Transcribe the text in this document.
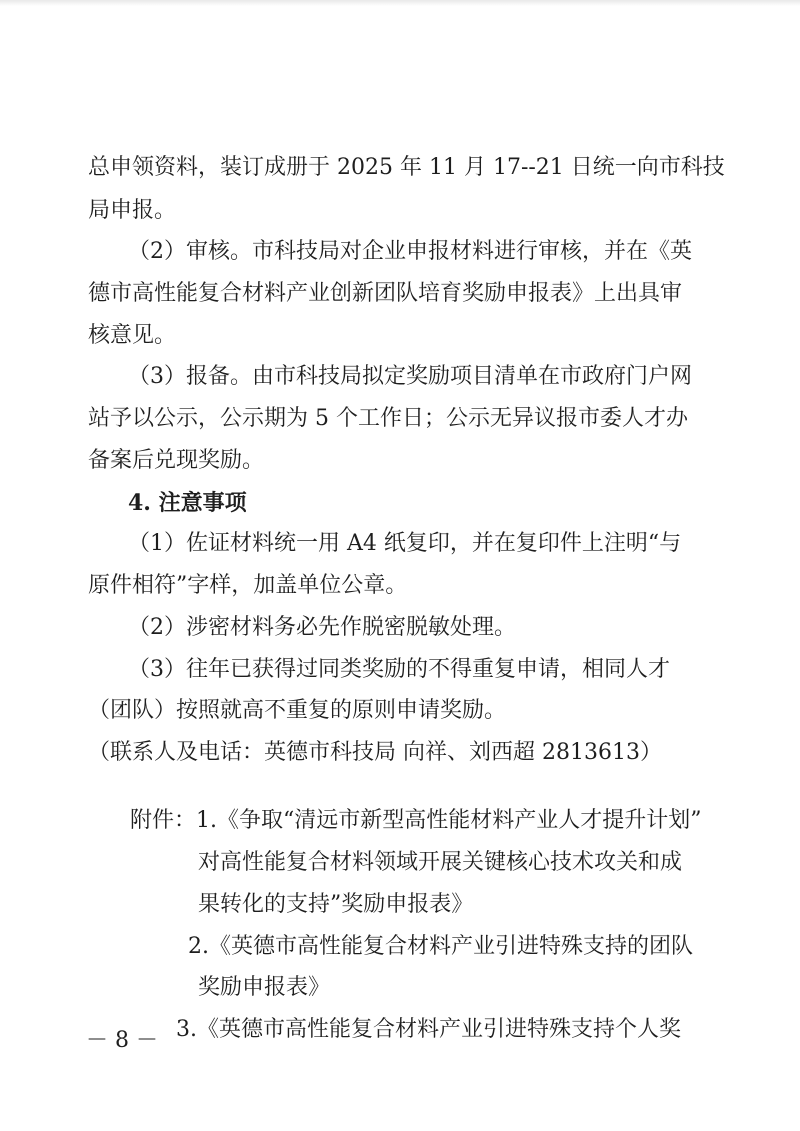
总申领资料，装订成册于 2025 年 11 月 17--21 日统一向市科技
局申报。
（2）审核。市科技局对企业申报材料进行审核，并在《英
德市高性能复合材料产业创新团队培育奖励申报表》上出具审
核意见。
（3）报备。由市科技局拟定奖励项目清单在市政府门户网
站予以公示，公示期为 5 个工作日；公示无异议报市委人才办
备案后兑现奖励。
4. 注意事项
（1）佐证材料统一用 A4 纸复印，并在复印件上注明“与
原件相符”字样，加盖单位公章。
（2）涉密材料务必先作脱密脱敏处理。
（3）往年已获得过同类奖励的不得重复申请，相同人才
（团队）按照就高不重复的原则申请奖励。
（联系人及电话：英德市科技局 向祥、刘西超 2813613）
附件：1.《争取“清远市新型高性能材料产业人才提升计划”
对高性能复合材料领域开展关键核心技术攻关和成
果转化的支持”奖励申报表》
2.《英德市高性能复合材料产业引进特殊支持的团队
奖励申报表》
3.《英德市高性能复合材料产业引进特殊支持个人奖
－ 8 －
